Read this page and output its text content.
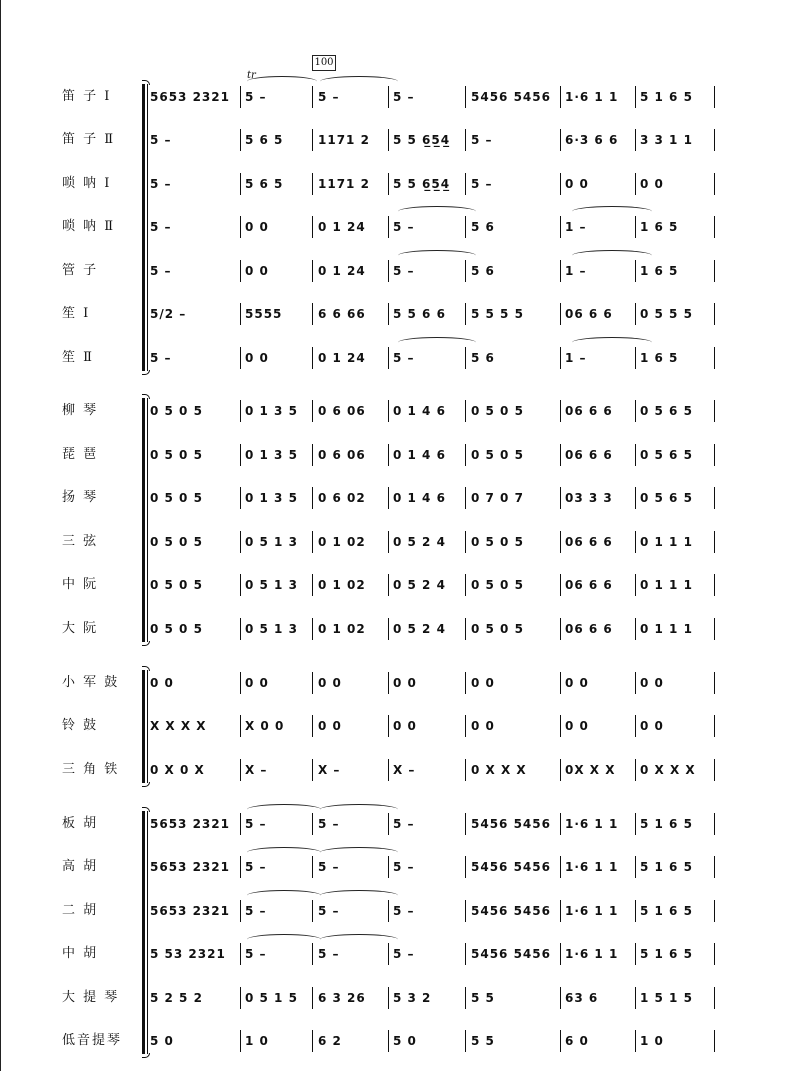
100
tr
笛 子 Ⅰ	5653 2321	5 –	5 –	5 –	5456 5456	1·6 1 1	5 1 6 5
笛 子 Ⅱ	5 –	5 6 5	1171 2	5 5 6̲5̲4̲	5 –	6·3 6 6	3 3 1 1
唢 呐 Ⅰ	5 –	5 6 5	1171 2	5 5 6̲5̲4̲	5 –	0 0	0 0
唢 呐 Ⅱ	5 –	0 0	0 1 24	5 –	5 6	1 –	1 6 5
管 子	5 –	0 0	0 1 24	5 –	5 6	1 –	1 6 5
笙 Ⅰ	5/2 –	5555	6 6 66	5 5 6 6	5 5 5 5	06 6 6	0 5 5 5
笙 Ⅱ	5 –	0 0	0 1 24	5 –	5 6	1 –	1 6 5
柳 琴	0 5 0 5	0 1 3 5	0 6 06	0 1 4 6	0 5 0 5	06 6 6	0 5 6 5
琵 琶	0 5 0 5	0 1 3 5	0 6 06	0 1 4 6	0 5 0 5	06 6 6	0 5 6 5
扬 琴	0 5 0 5	0 1 3 5	0 6 02	0 1 4 6	0 7 0 7	03 3 3	0 5 6 5
三 弦	0 5 0 5	0 5 1 3	0 1 02	0 5 2 4	0 5 0 5	06 6 6	0 1 1 1
中 阮	0 5 0 5	0 5 1 3	0 1 02	0 5 2 4	0 5 0 5	06 6 6	0 1 1 1
大 阮	0 5 0 5	0 5 1 3	0 1 02	0 5 2 4	0 5 0 5	06 6 6	0 1 1 1
小 军 鼓	0 0	0 0	0 0	0 0	0 0	0 0	0 0
铃 鼓	X X X X	X 0 0	0 0	0 0	0 0	0 0	0 0
三 角 铁	0 X 0 X	X –	X –	X –	0 X X X	0X X X	0 X X X
板 胡	5653 2321	5 –	5 –	5 –	5456 5456	1·6 1 1	5 1 6 5
高 胡	5653 2321	5 –	5 –	5 –	5456 5456	1·6 1 1	5 1 6 5
二 胡	5653 2321	5 –	5 –	5 –	5456 5456	1·6 1 1	5 1 6 5
中 胡	5 53 2321	5 –	5 –	5 –	5456 5456	1·6 1 1	5 1 6 5
大 提 琴	5 2 5 2	0 5 1 5	6 3 26	5 3 2	5 5	63 6	1 5 1 5
低音提琴	5 0	1 0	6 2	5 0	5 5	6 0	1 0
